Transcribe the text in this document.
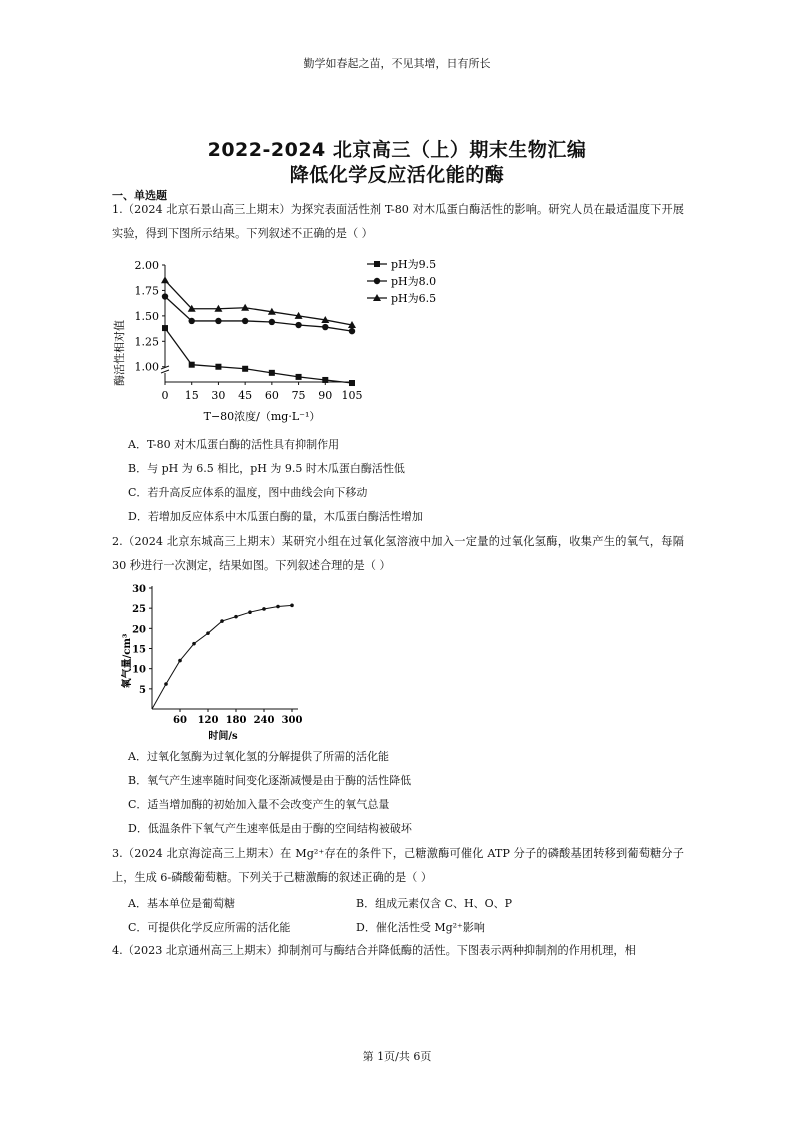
勤学如春起之苗，不见其增，日有所长
2022-2024 北京高三（上）期末生物汇编
降低化学反应活化能的酶
一、单选题
1.（2024 北京石景山高三上期末）为探究表面活性剂 T-80 对木瓜蛋白酶活性的影响。研究人员在最适温度下开展实验，得到下图所示结果。下列叙述不正确的是（ ）
1.00
1.25
1.50
1.75
2.00
0 15 30 45 60 75 90 105
pH为9.5
pH为8.0
pH为6.5
酶活性相对值
T−80浓度/（mg·L⁻¹）
A．T-80 对木瓜蛋白酶的活性具有抑制作用
B．与 pH 为 6.5 相比，pH 为 9.5 时木瓜蛋白酶活性低
C．若升高反应体系的温度，图中曲线会向下移动
D．若增加反应体系中木瓜蛋白酶的量，木瓜蛋白酶活性增加
2.（2024 北京东城高三上期末）某研究小组在过氧化氢溶液中加入一定量的过氧化氢酶，收集产生的氧气，每隔 30 秒进行一次测定，结果如图。下列叙述合理的是（ ）
5
10
15
20
25
30
60 120 180 240 300
氧气量/cm³
时间/s
A．过氧化氢酶为过氧化氢的分解提供了所需的活化能
B．氧气产生速率随时间变化逐渐减慢是由于酶的活性降低
C．适当增加酶的初始加入量不会改变产生的氧气总量
D．低温条件下氧气产生速率低是由于酶的空间结构被破坏
3.（2024 北京海淀高三上期末）在 Mg²⁺存在的条件下，己糖激酶可催化 ATP 分子的磷酸基团转移到葡萄糖分子上，生成 6-磷酸葡萄糖。下列关于己糖激酶的叙述正确的是（ ）
A．基本单位是葡萄糖	B．组成元素仅含 C、H、O、P
C．可提供化学反应所需的活化能	D．催化活性受 Mg²⁺影响
4.（2023 北京通州高三上期末）抑制剂可与酶结合并降低酶的活性。下图表示两种抑制剂的作用机理，相
第 1页/共 6页
